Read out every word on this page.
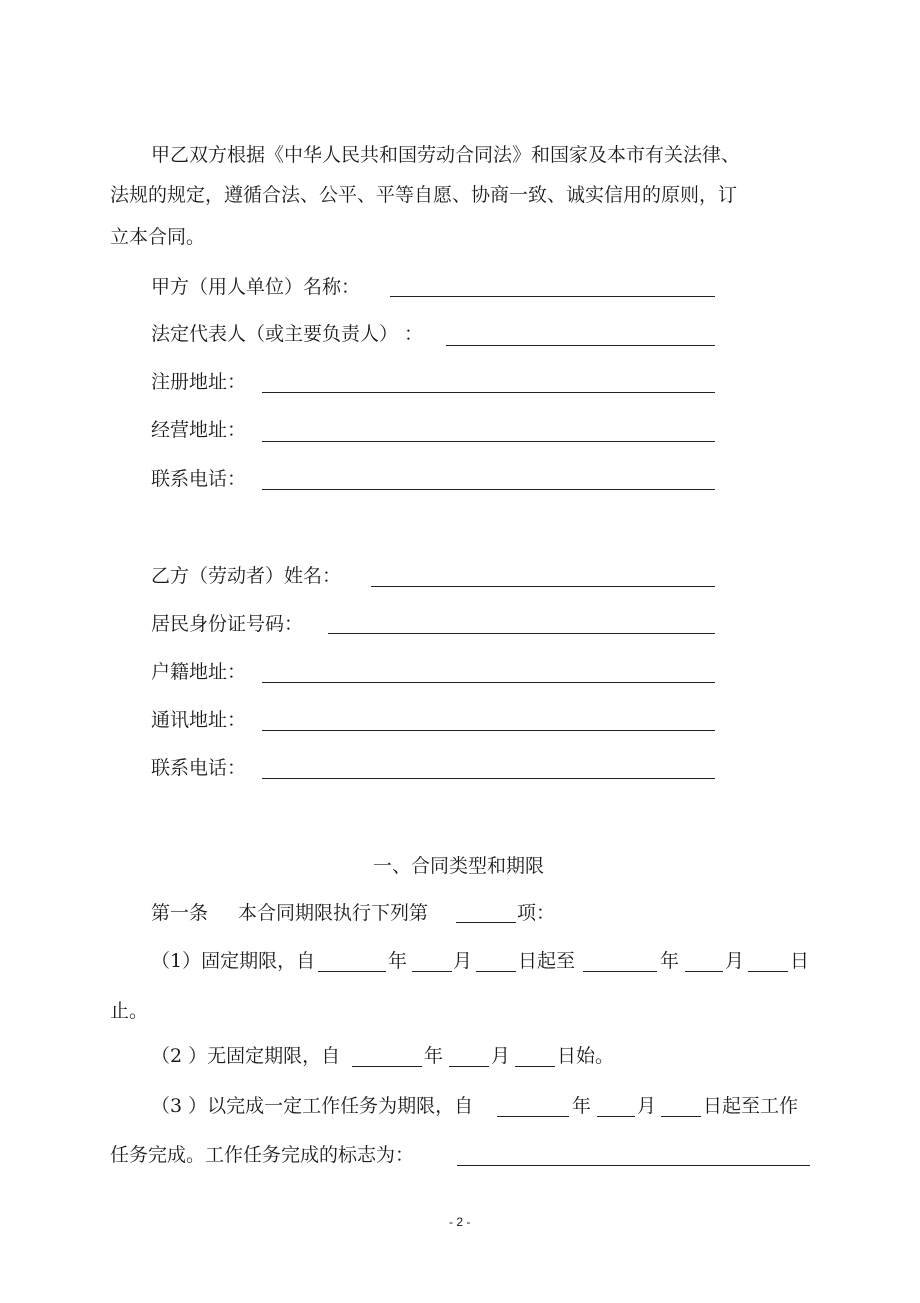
甲乙双方根据《中华人民共和国劳动合同法》和国家及本市有关法律、
法规的规定，遵循合法、公平、平等自愿、协商一致、诚实信用的原则，订
立本合同。
甲方（用人单位）名称：
法定代表人（或主要负责人） ：
注册地址：
经营地址：
联系电话：
乙方（劳动者）姓名：
居民身份证号码：
户籍地址：
通讯地址：
联系电话：
一、合同类型和期限
第一条 本合同期限执行下列第	项：
（1）固定期限，自	年 月 日起至	年 月 日
止。
（2 ）无固定期限，自	年	月 日始。
（3 ）以完成一定工作任务为期限，自	年 月 日起至工作
任务完成。工作任务完成的标志为：
- 2 -
